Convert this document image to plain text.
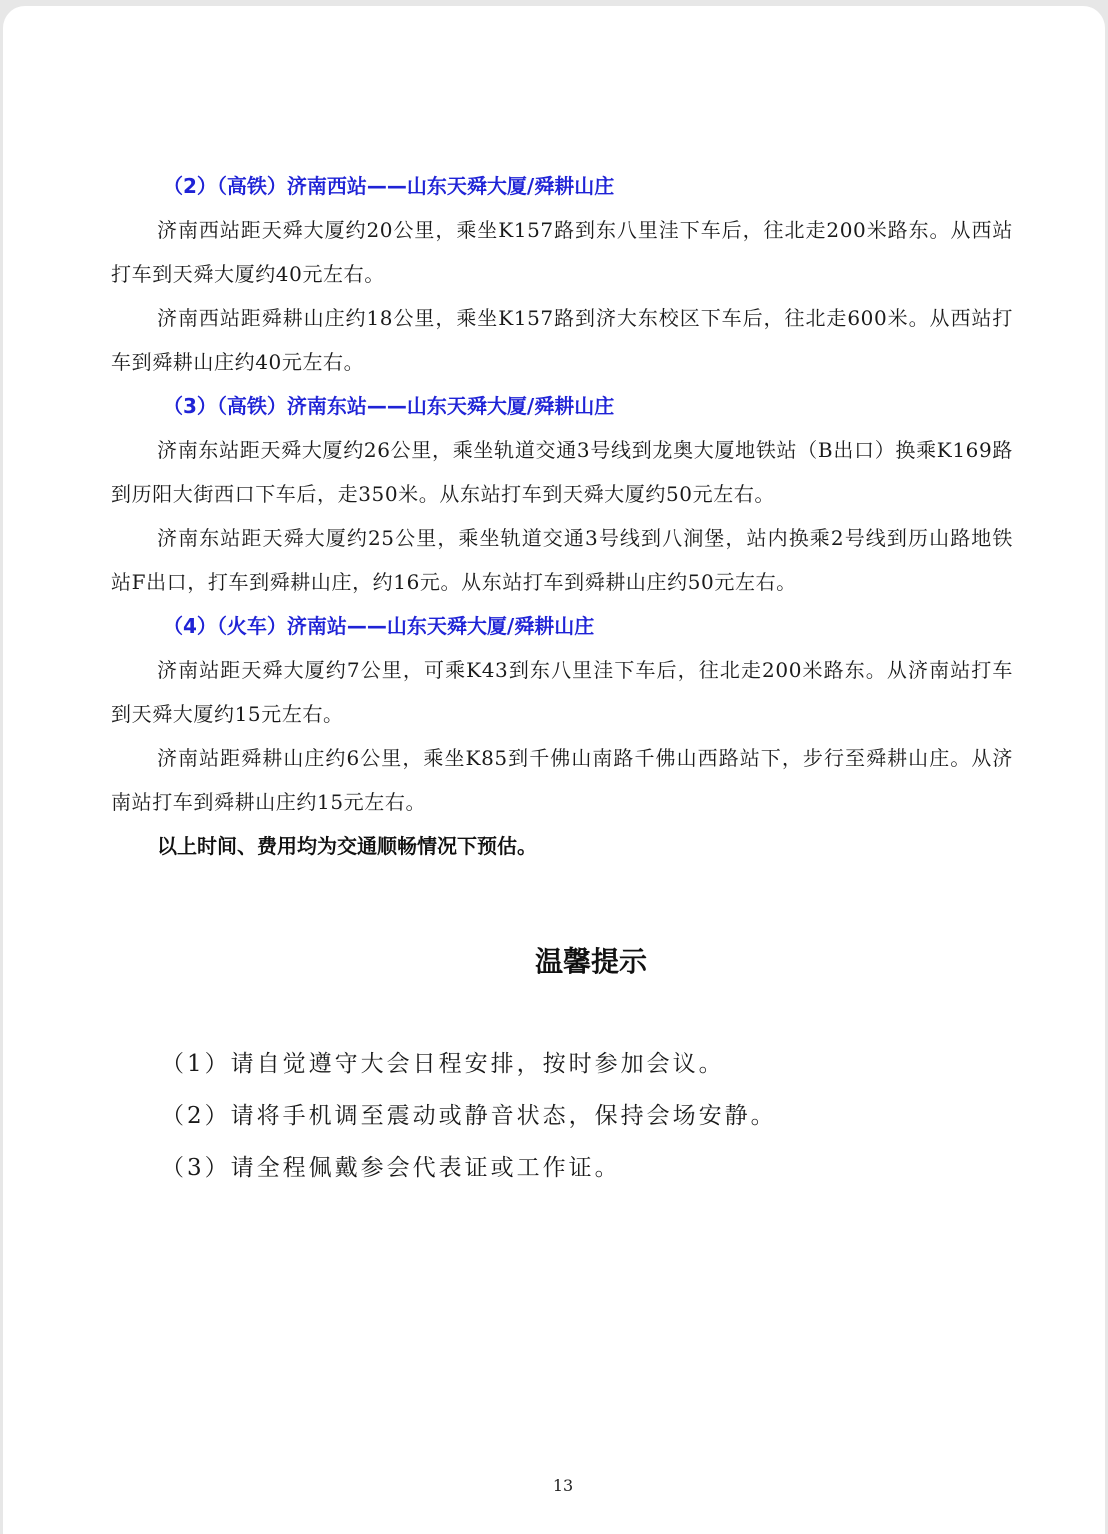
（2）（高铁）济南西站——山东天舜大厦/舜耕山庄

济南西站距天舜大厦约20公里，乘坐K157路到东八里洼下车后，往北走200米路东。从西站打车到天舜大厦约40元左右。

济南西站距舜耕山庄约18公里，乘坐K157路到济大东校区下车后，往北走600米。从西站打车到舜耕山庄约40元左右。

（3）（高铁）济南东站——山东天舜大厦/舜耕山庄

济南东站距天舜大厦约26公里，乘坐轨道交通3号线到龙奥大厦地铁站（B出口）换乘K169路到历阳大街西口下车后，走350米。从东站打车到天舜大厦约50元左右。

济南东站距天舜大厦约25公里，乘坐轨道交通3号线到八涧堡，站内换乘2号线到历山路地铁站F出口，打车到舜耕山庄，约16元。从东站打车到舜耕山庄约50元左右。

（4）（火车）济南站——山东天舜大厦/舜耕山庄

济南站距天舜大厦约7公里，可乘K43到东八里洼下车后，往北走200米路东。从济南站打车到天舜大厦约15元左右。

济南站距舜耕山庄约6公里，乘坐K85到千佛山南路千佛山西路站下，步行至舜耕山庄。从济南站打车到舜耕山庄约15元左右。

以上时间、费用均为交通顺畅情况下预估。
温馨提示
（1）请自觉遵守大会日程安排，按时参加会议。
（2）请将手机调至震动或静音状态，保持会场安静。
（3）请全程佩戴参会代表证或工作证。
13
